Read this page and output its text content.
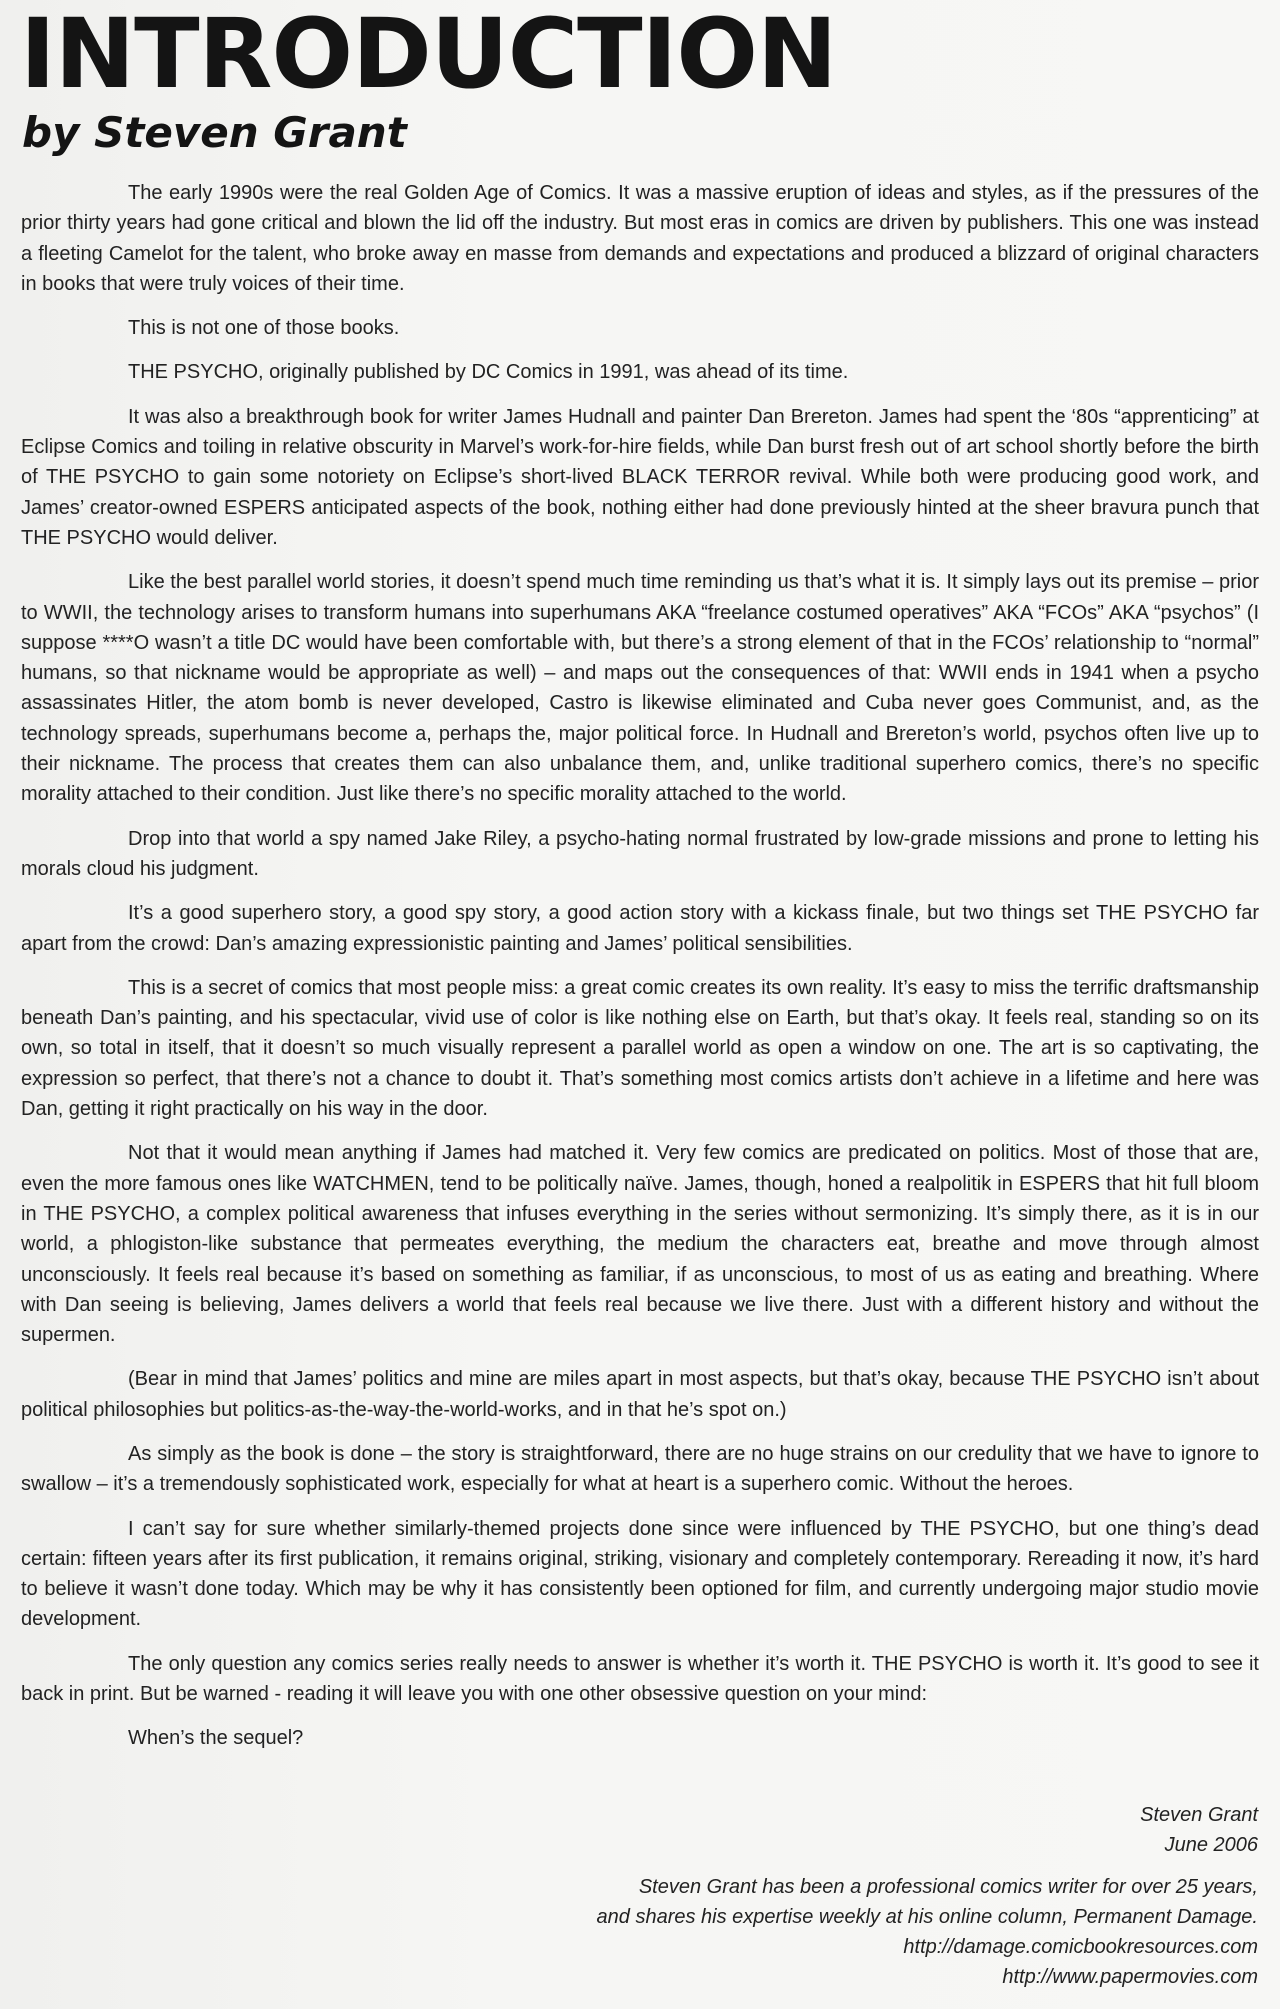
INTRODUCTION
by Steven Grant

The early 1990s were the real Golden Age of Comics. It was a massive eruption of ideas and styles, as if the pressures of the prior thirty years had gone critical and blown the lid off the industry. But most eras in comics are driven by publishers. This one was instead a fleeting Camelot for the talent, who broke away en masse from demands and expectations and produced a blizzard of original characters in books that were truly voices of their time.

This is not one of those books.

THE PSYCHO, originally published by DC Comics in 1991, was ahead of its time.

It was also a breakthrough book for writer James Hudnall and painter Dan Brereton. James had spent the ‘80s “apprenticing” at Eclipse Comics and toiling in relative obscurity in Marvel’s work-for-hire fields, while Dan burst fresh out of art school shortly before the birth of THE PSYCHO to gain some notoriety on Eclipse’s short-lived BLACK TERROR revival. While both were producing good work, and James’ creator-owned ESPERS anticipated aspects of the book, nothing either had done previously hinted at the sheer bravura punch that THE PSYCHO would deliver.

Like the best parallel world stories, it doesn’t spend much time reminding us that’s what it is. It simply lays out its premise – prior to WWII, the technology arises to transform humans into superhumans AKA “freelance costumed operatives” AKA “FCOs” AKA “psychos” (I suppose ****O wasn’t a title DC would have been comfortable with, but there’s a strong element of that in the FCOs’ relationship to “normal” humans, so that nickname would be appropriate as well) – and maps out the consequences of that: WWII ends in 1941 when a psycho assassinates Hitler, the atom bomb is never developed, Castro is likewise eliminated and Cuba never goes Communist, and, as the technology spreads, superhumans become a, perhaps the, major political force. In Hudnall and Brereton’s world, psychos often live up to their nickname. The process that creates them can also unbalance them, and, unlike traditional superhero comics, there’s no specific morality attached to their condition. Just like there’s no specific morality attached to the world.

Drop into that world a spy named Jake Riley, a psycho-hating normal frustrated by low-grade missions and prone to letting his morals cloud his judgment.

It’s a good superhero story, a good spy story, a good action story with a kickass finale, but two things set THE PSYCHO far apart from the crowd: Dan’s amazing expressionistic painting and James’ political sensibilities.

This is a secret of comics that most people miss: a great comic creates its own reality. It’s easy to miss the terrific draftsmanship beneath Dan’s painting, and his spectacular, vivid use of color is like nothing else on Earth, but that’s okay. It feels real, standing so on its own, so total in itself, that it doesn’t so much visually represent a parallel world as open a window on one. The art is so captivating, the expression so perfect, that there’s not a chance to doubt it. That’s something most comics artists don’t achieve in a lifetime and here was Dan, getting it right practically on his way in the door.

Not that it would mean anything if James had matched it. Very few comics are predicated on politics. Most of those that are, even the more famous ones like WATCHMEN, tend to be politically naïve. James, though, honed a realpolitik in ESPERS that hit full bloom in THE PSYCHO, a complex political awareness that infuses everything in the series without sermonizing. It’s simply there, as it is in our world, a phlogiston-like substance that permeates everything, the medium the characters eat, breathe and move through almost unconsciously. It feels real because it’s based on something as familiar, if as unconscious, to most of us as eating and breathing. Where with Dan seeing is believing, James delivers a world that feels real because we live there. Just with a different history and without the supermen.

(Bear in mind that James’ politics and mine are miles apart in most aspects, but that’s okay, because THE PSYCHO isn’t about political philosophies but politics-as-the-way-the-world-works, and in that he’s spot on.)

As simply as the book is done – the story is straightforward, there are no huge strains on our credulity that we have to ignore to swallow – it’s a tremendously sophisticated work, especially for what at heart is a superhero comic. Without the heroes.

I can’t say for sure whether similarly-themed projects done since were influenced by THE PSYCHO, but one thing’s dead certain: fifteen years after its first publication, it remains original, striking, visionary and completely contemporary. Rereading it now, it’s hard to believe it wasn’t done today. Which may be why it has consistently been optioned for film, and currently undergoing major studio movie development.

The only question any comics series really needs to answer is whether it’s worth it. THE PSYCHO is worth it. It’s good to see it back in print. But be warned - reading it will leave you with one other obsessive question on your mind:

When’s the sequel?

Steven Grant
June 2006
Steven Grant has been a professional comics writer for over 25 years,
and shares his expertise weekly at his online column, Permanent Damage.
http://damage.comicbookresources.com
http://www.papermovies.com
